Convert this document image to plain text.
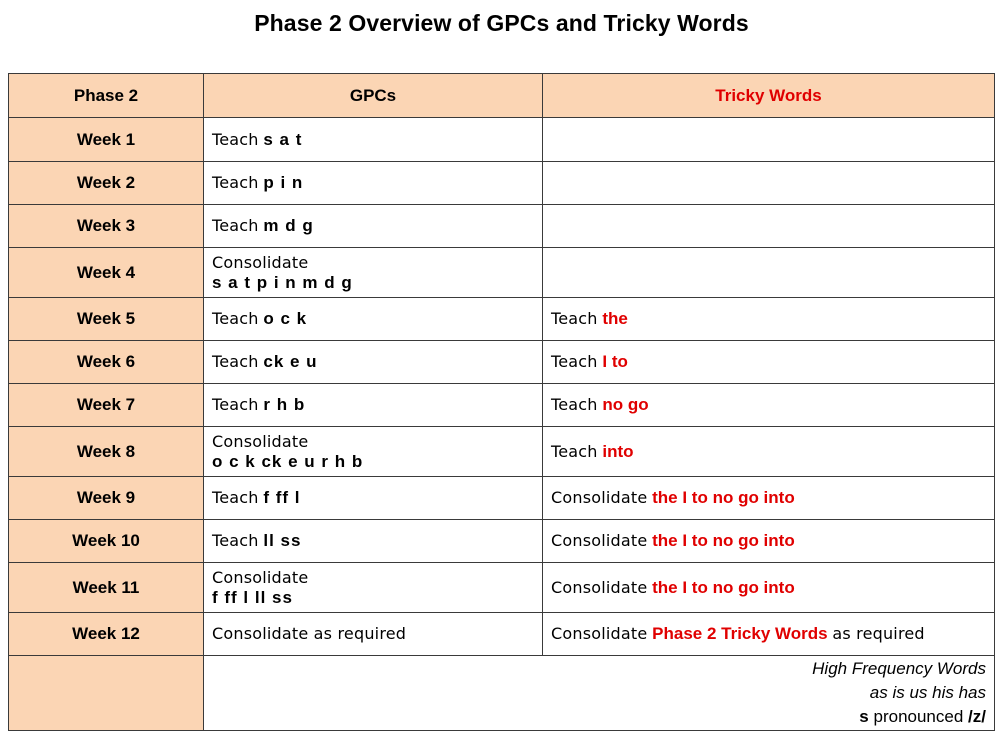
Phase 2 Overview of GPCs and Tricky Words
Phase 2	GPCs	Tricky Words
Week 1	Teach s a t	
Week 2	Teach p i n	
Week 3	Teach m d g	
Week 4	Consolidate
s a t p i n m d g	
Week 5	Teach o c k	Teach the
Week 6	Teach ck e u	Teach I to
Week 7	Teach r h b	Teach no go
Week 8	Consolidate
o c k ck e u r h b	Teach into
Week 9	Teach f ff l	Consolidate the I to no go into
Week 10	Teach ll ss	Consolidate the I to no go into
Week 11	Consolidate
f ff l ll ss	Consolidate the I to no go into
Week 12	Consolidate as required	Consolidate Phase 2 Tricky Words as required

	High Frequency Words
as is us his has
s pronounced /z/	
